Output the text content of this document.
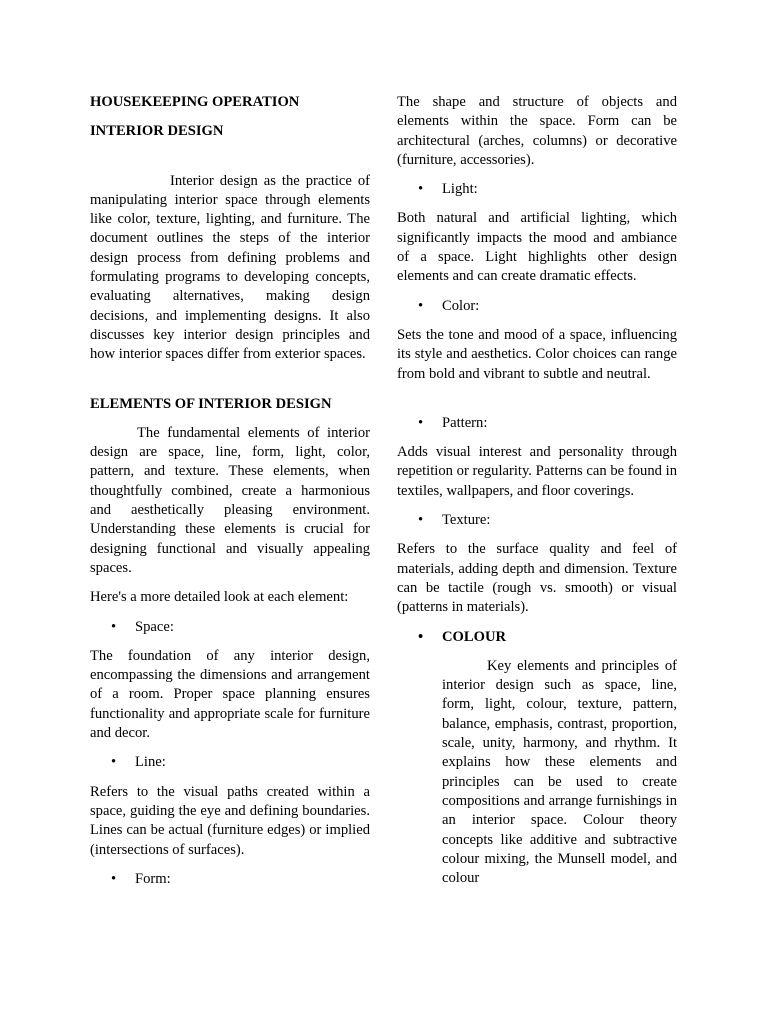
HOUSEKEEPING OPERATION
INTERIOR DESIGN

Interior design as the practice of manipulating interior space through elements like color, texture, lighting, and furniture. The document outlines the steps of the interior design process from defining problems and formulating programs to developing concepts, evaluating alternatives, making design decisions, and implementing designs. It also discusses key interior design principles and how interior spaces differ from exterior spaces.

ELEMENTS OF INTERIOR DESIGN

The fundamental elements of interior design are space, line, form, light, color, pattern, and texture. These elements, when thoughtfully combined, create a harmonious and aesthetically pleasing environment. Understanding these elements is crucial for designing functional and visually appealing spaces.

Here's a more detailed look at each element:

• Space:

The foundation of any interior design, encompassing the dimensions and arrangement of a room. Proper space planning ensures functionality and appropriate scale for furniture and decor.

• Line:

Refers to the visual paths created within a space, guiding the eye and defining boundaries. Lines can be actual (furniture edges) or implied (intersections of surfaces).

• Form:

The shape and structure of objects and elements within the space. Form can be architectural (arches, columns) or decorative (furniture, accessories).

• Light:

Both natural and artificial lighting, which significantly impacts the mood and ambiance of a space. Light highlights other design elements and can create dramatic effects.

• Color:

Sets the tone and mood of a space, influencing its style and aesthetics. Color choices can range from bold and vibrant to subtle and neutral.

• Pattern:

Adds visual interest and personality through repetition or regularity. Patterns can be found in textiles, wallpapers, and floor coverings.

• Texture:

Refers to the surface quality and feel of materials, adding depth and dimension. Texture can be tactile (rough vs. smooth) or visual (patterns in materials).

• COLOUR

Key elements and principles of interior design such as space, line, form, light, colour, texture, pattern, balance, emphasis, contrast, proportion, scale, unity, harmony, and rhythm. It explains how these elements and principles can be used to create compositions and arrange furnishings in an interior space. Colour theory concepts like additive and subtractive colour mixing, the Munsell model, and colour
